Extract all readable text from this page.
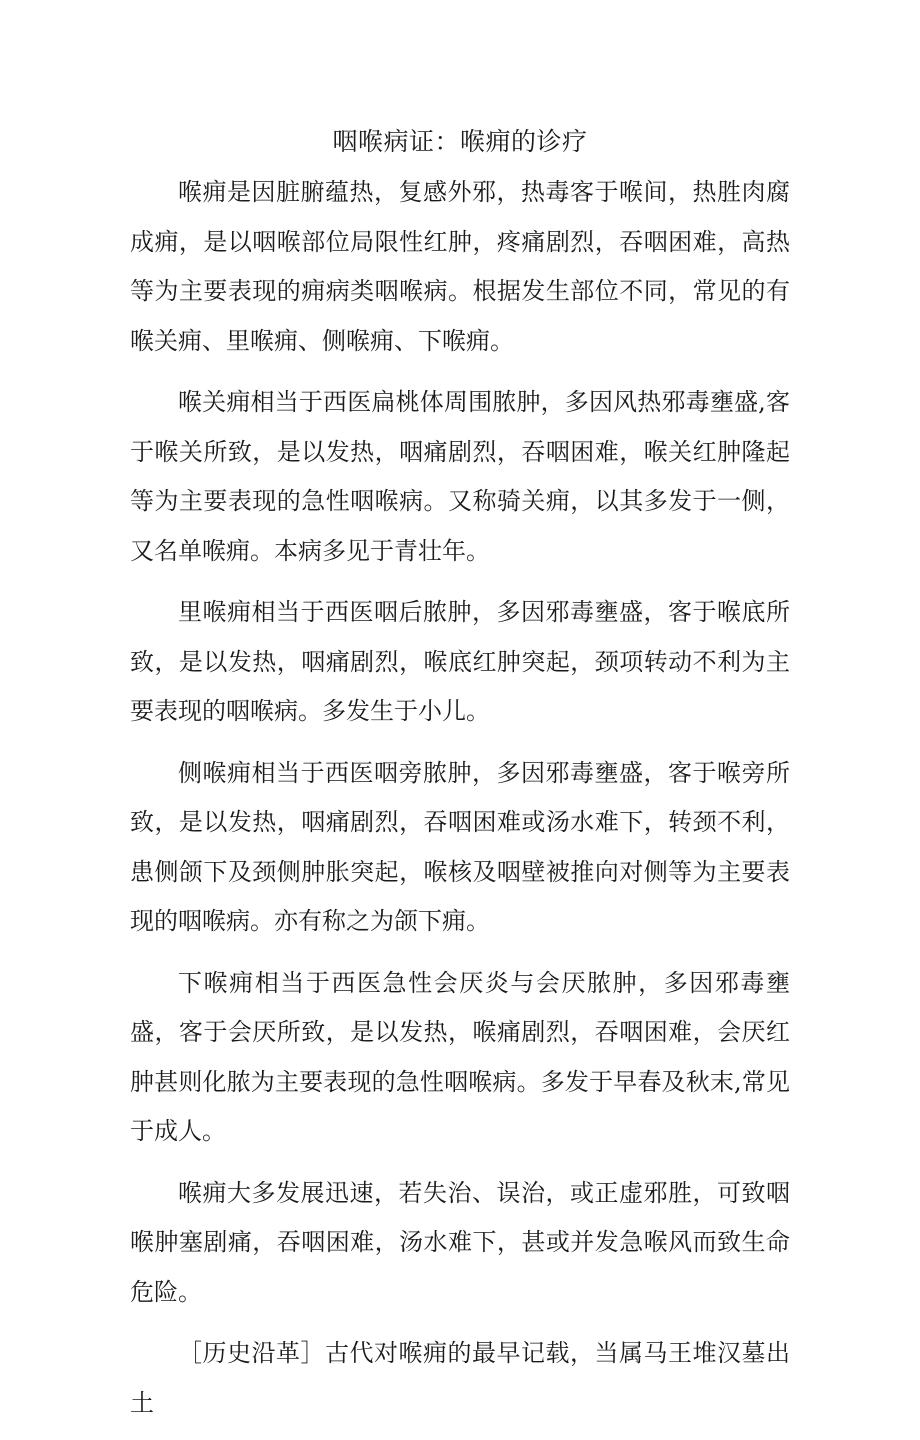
咽喉病证：喉痈的诊疗

喉痈是因脏腑蕴热，复感外邪，热毒客于喉间，热胜肉腐成痈，是以咽喉部位局限性红肿，疼痛剧烈，吞咽困难，高热等为主要表现的痈病类咽喉病。根据发生部位不同，常见的有喉关痈、里喉痈、侧喉痈、下喉痈。

喉关痈相当于西医扁桃体周围脓肿，多因风热邪毒壅盛,客于喉关所致，是以发热，咽痛剧烈，吞咽困难，喉关红肿隆起等为主要表现的急性咽喉病。又称骑关痈，以其多发于一侧，又名单喉痈。本病多见于青壮年。

里喉痈相当于西医咽后脓肿，多因邪毒壅盛，客于喉底所致，是以发热，咽痛剧烈，喉底红肿突起，颈项转动不利为主要表现的咽喉病。多发生于小儿。

侧喉痈相当于西医咽旁脓肿，多因邪毒壅盛，客于喉旁所致，是以发热，咽痛剧烈，吞咽困难或汤水难下，转颈不利，患侧颌下及颈侧肿胀突起，喉核及咽壁被推向对侧等为主要表现的咽喉病。亦有称之为颌下痈。

下喉痈相当于西医急性会厌炎与会厌脓肿，多因邪毒壅盛，客于会厌所致，是以发热，喉痛剧烈，吞咽困难，会厌红肿甚则化脓为主要表现的急性咽喉病。多发于早春及秋末,常见于成人。

喉痈大多发展迅速，若失治、误治，或正虚邪胜，可致咽喉肿塞剧痛，吞咽困难，汤水难下，甚或并发急喉风而致生命危险。

［历史沿革］古代对喉痈的最早记载，当属马王堆汉墓出土
